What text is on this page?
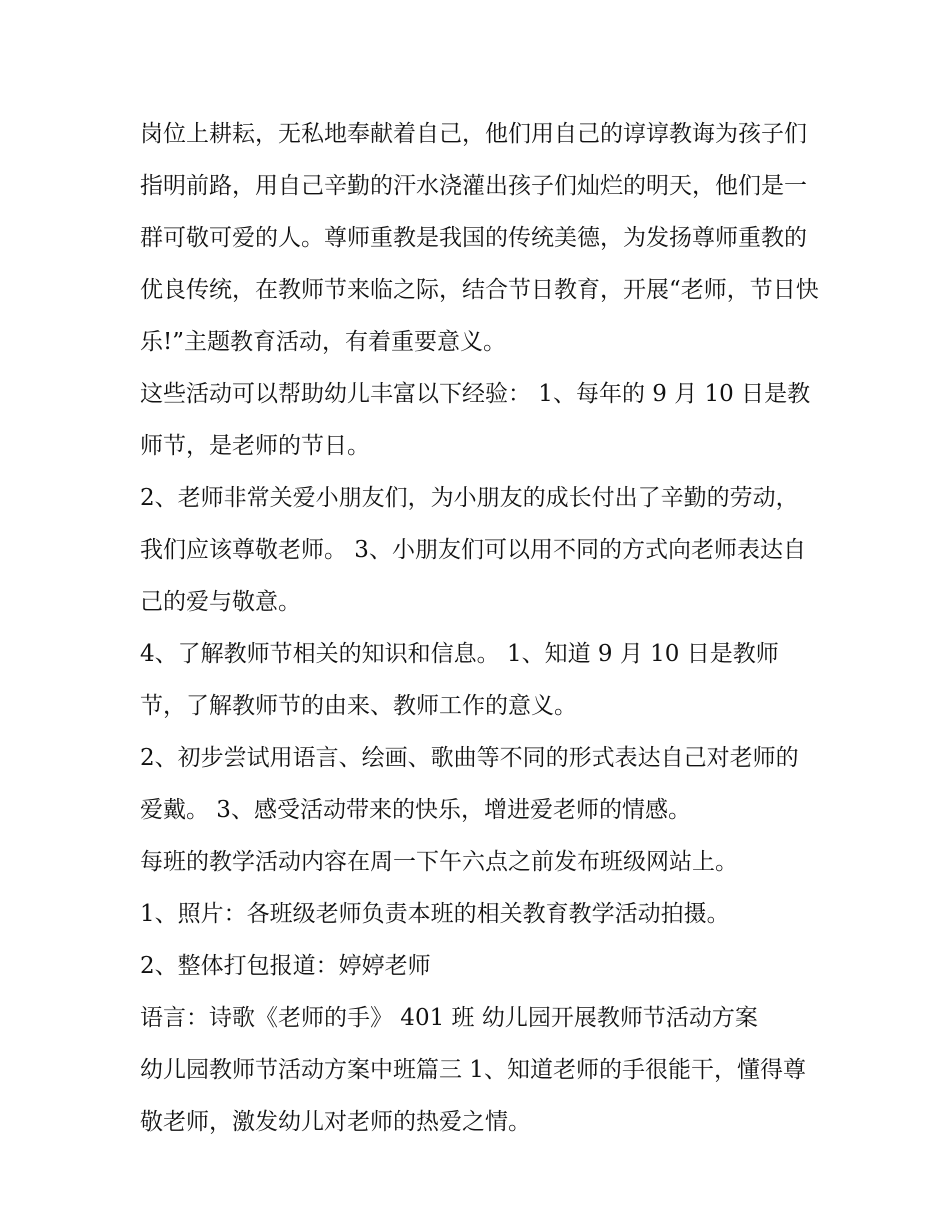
岗位上耕耘，无私地奉献着自己，他们用自己的谆谆教诲为孩子们指明前路，用自己辛勤的汗水浇灌出孩子们灿烂的明天，他们是一群可敬可爱的人。尊师重教是我国的传统美德，为发扬尊师重教的优良传统，在教师节来临之际，结合节日教育，开展“老师，节日快乐!”主题教育活动，有着重要意义。

这些活动可以帮助幼儿丰富以下经验： 1、每年的 9 月 10 日是教师节，是老师的节日。

2、老师非常关爱小朋友们，为小朋友的成长付出了辛勤的劳动，我们应该尊敬老师。 3、小朋友们可以用不同的方式向老师表达自己的爱与敬意。

4、了解教师节相关的知识和信息。 1、知道 9 月 10 日是教师节，了解教师节的由来、教师工作的意义。

2、初步尝试用语言、绘画、歌曲等不同的形式表达自己对老师的爱戴。 3、感受活动带来的快乐，增进爱老师的情感。

每班的教学活动内容在周一下午六点之前发布班级网站上。

1、照片：各班级老师负责本班的相关教育教学活动拍摄。

2、整体打包报道：婷婷老师

语言：诗歌《老师的手》 401 班 幼儿园开展教师节活动方案

幼儿园教师节活动方案中班篇三 1、知道老师的手很能干，懂得尊敬老师，激发幼儿对老师的热爱之情。
